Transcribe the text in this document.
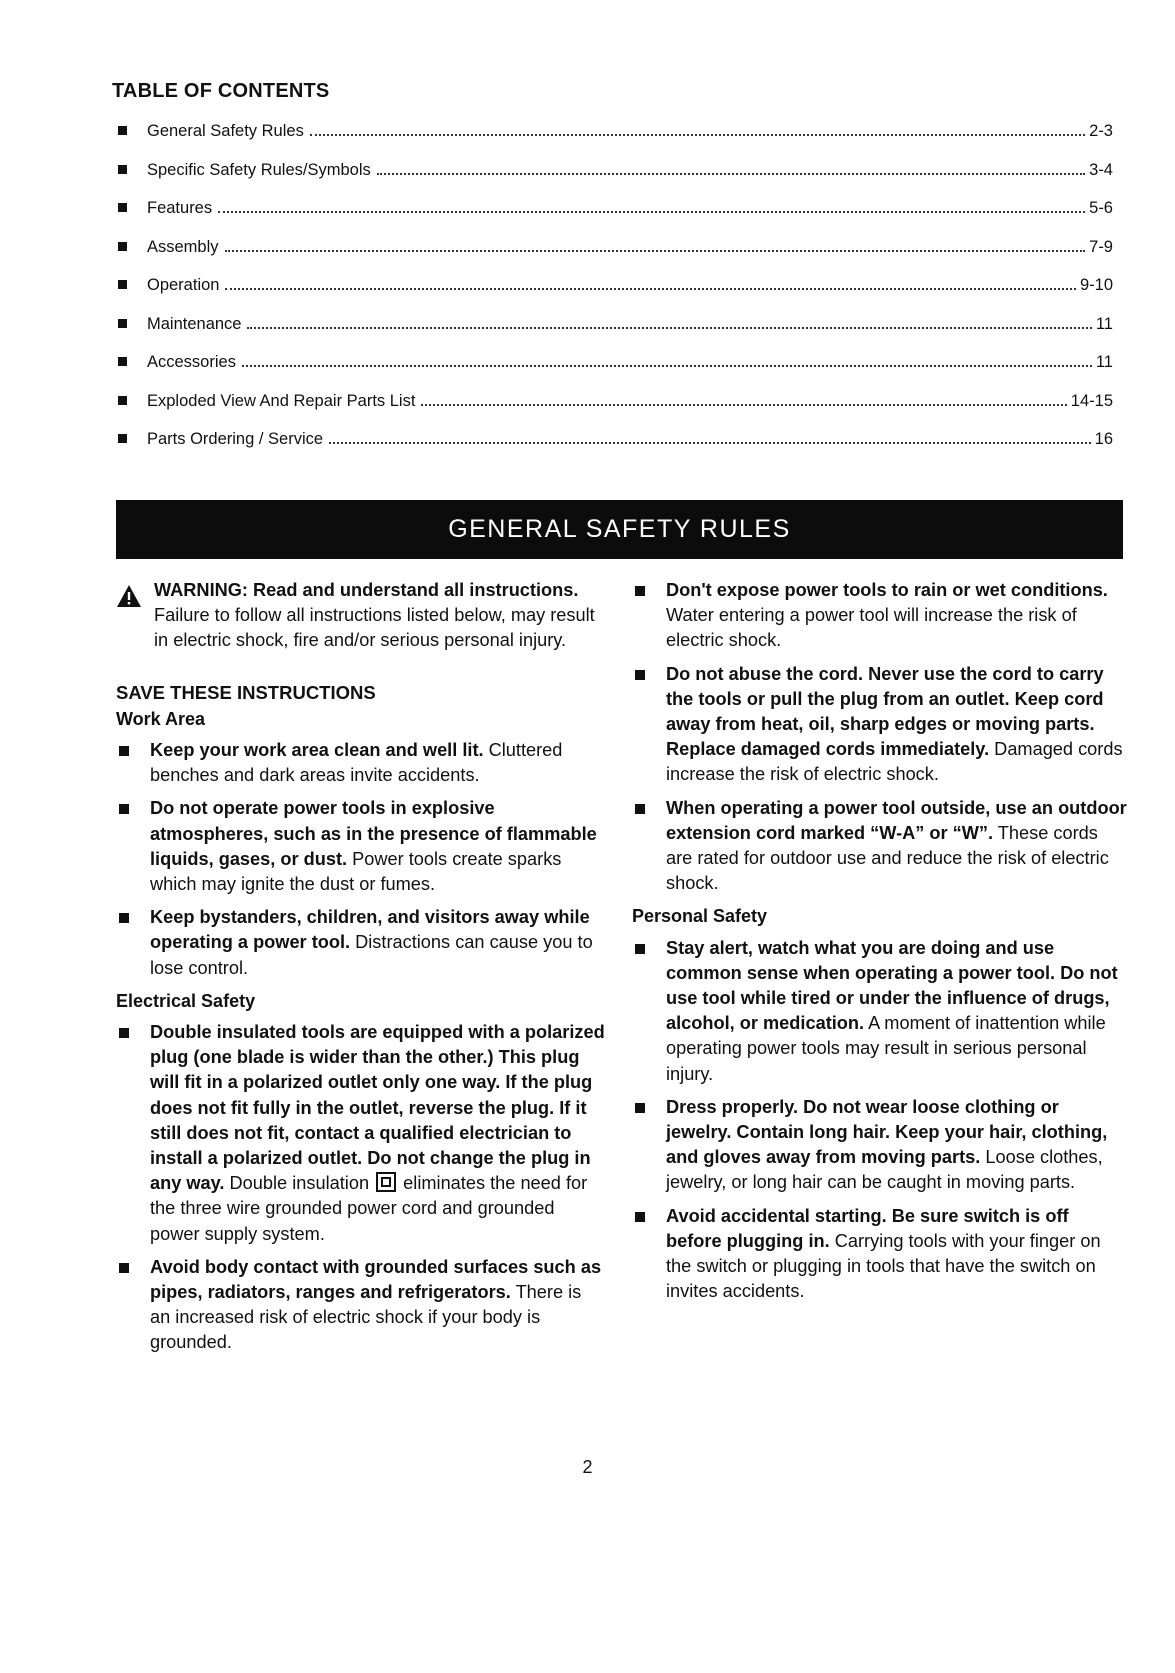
TABLE OF CONTENTS
General Safety Rules	2-3
Specific Safety Rules/Symbols	3-4
Features	5-6
Assembly	7-9
Operation	9-10
Maintenance	11
Accessories	11
Exploded View And Repair Parts List	14-15
Parts Ordering / Service	16
GENERAL SAFETY RULES
WARNING: Read and understand all instructions. Failure to follow all instructions listed below, may result in electric shock, fire and/or serious personal injury.

SAVE THESE INSTRUCTIONS

Work Area

Keep your work area clean and well lit. Cluttered benches and dark areas invite accidents.

Do not operate power tools in explosive atmospheres, such as in the presence of flammable liquids, gases, or dust. Power tools create sparks which may ignite the dust or fumes.

Keep bystanders, children, and visitors away while operating a power tool. Distractions can cause you to lose control.

Electrical Safety

Double insulated tools are equipped with a polarized plug (one blade is wider than the other.) This plug will fit in a polarized outlet only one way. If the plug does not fit fully in the outlet, reverse the plug. If it still does not fit, contact a qualified electrician to install a polarized outlet. Do not change the plug in any way. Double insulation  eliminates the need for the three wire grounded power cord and grounded power supply system.

Avoid body contact with grounded surfaces such as pipes, radiators, ranges and refrigerators. There is an increased risk of electric shock if your body is grounded.

Don't expose power tools to rain or wet conditions. Water entering a power tool will increase the risk of electric shock.

Do not abuse the cord. Never use the cord to carry the tools or pull the plug from an outlet. Keep cord away from heat, oil, sharp edges or moving parts. Replace damaged cords immediately. Damaged cords increase the risk of electric shock.

When operating a power tool outside, use an outdoor extension cord marked “W-A” or “W”. These cords are rated for outdoor use and reduce the risk of electric shock.

Personal Safety

Stay alert, watch what you are doing and use common sense when operating a power tool. Do not use tool while tired or under the influence of drugs, alcohol, or medication. A moment of inattention while operating power tools may result in serious personal injury.

Dress properly. Do not wear loose clothing or jewelry. Contain long hair. Keep your hair, clothing, and gloves away from moving parts. Loose clothes, jewelry, or long hair can be caught in moving parts.

Avoid accidental starting. Be sure switch is off before plugging in. Carrying tools with your finger on the switch or plugging in tools that have the switch on invites accidents.

2
